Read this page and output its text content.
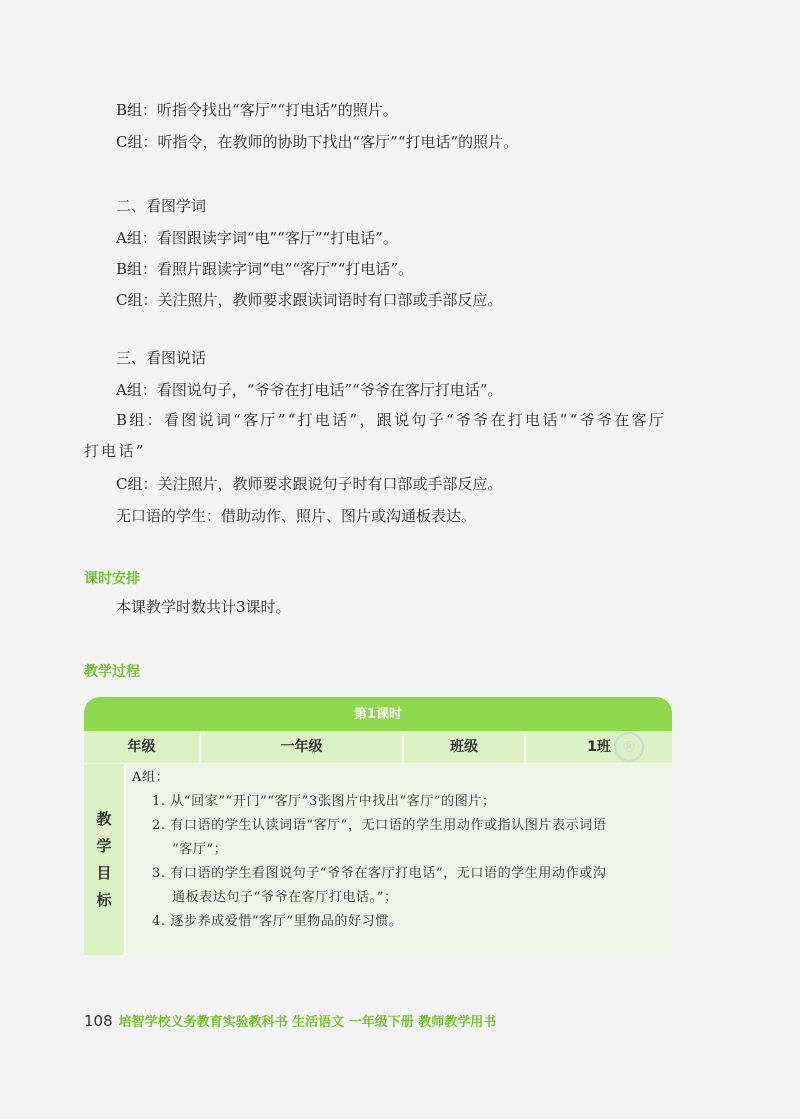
B组：听指令找出“客厅”“打电话”的照片。
C组：听指令，在教师的协助下找出“客厅”“打电话”的照片。
二、看图学词
A组：看图跟读字词“电”“客厅”“打电话”。
B组：看照片跟读字词“电”“客厅”“打电话”。
C组：关注照片，教师要求跟读词语时有口部或手部反应。
三、看图说话
A组：看图说句子，“爷爷在打电话”“爷爷在客厅打电话”。
B组：看图说词“客厅”“打电话”，跟说句子“爷爷在打电话”“爷爷在客厅打电话”
C组：关注照片，教师要求跟说句子时有口部或手部反应。
无口语的学生：借助动作、照片、图片或沟通板表达。
课时安排
本课教学时数共计3课时。
教学过程
第1课时
年级	一年级	班级	1班
教
学
目
标
A组：
1. 从“回家”“开门”“客厅”3张图片中找出“客厅”的图片；
2. 有口语的学生认读词语“客厅”，无口语的学生用动作或指认图片表示词语
“客厅”；
3. 有口语的学生看图说句子“爷爷在客厅打电话”，无口语的学生用动作或沟
通板表达句子“爷爷在客厅打电话。”；
4. 逐步养成爱惜“客厅”里物品的好习惯。
®
108 培智学校义务教育实验教科书 生活语文 一年级下册 教师教学用书
